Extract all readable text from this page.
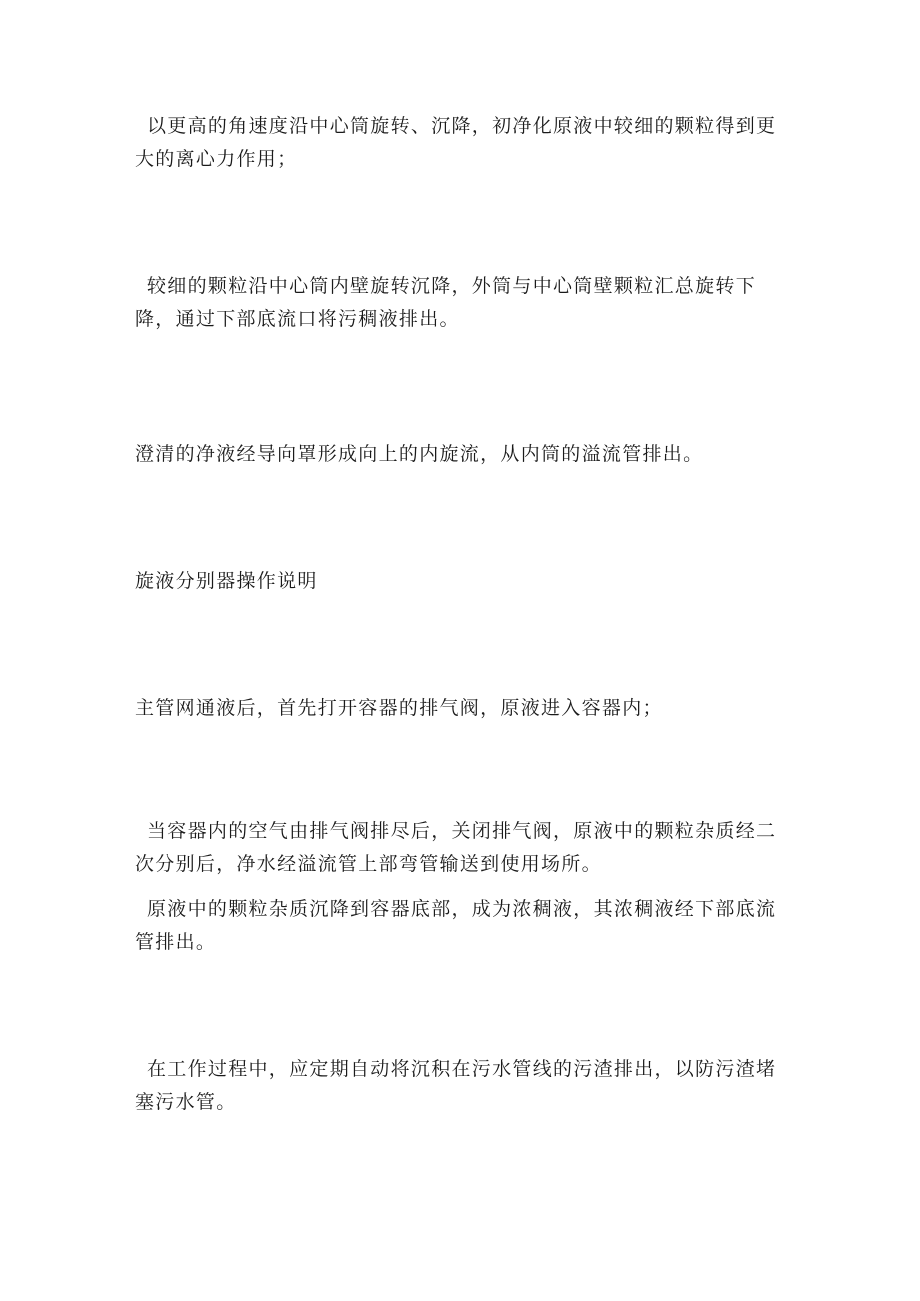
以更高的角速度沿中心筒旋转、沉降，初净化原液中较细的颗粒得到更大的离心力作用；

较细的颗粒沿中心筒内壁旋转沉降，外筒与中心筒壁颗粒汇总旋转下降，通过下部底流口将污稠液排出。

澄清的净液经导向罩形成向上的内旋流，从内筒的溢流管排出。

旋液分别器操作说明

主管网通液后，首先打开容器的排气阀，原液进入容器内；

当容器内的空气由排气阀排尽后，关闭排气阀，原液中的颗粒杂质经二次分别后，净水经溢流管上部弯管输送到使用场所。

原液中的颗粒杂质沉降到容器底部，成为浓稠液，其浓稠液经下部底流管排出。

在工作过程中，应定期自动将沉积在污水管线的污渣排出，以防污渣堵塞污水管。
